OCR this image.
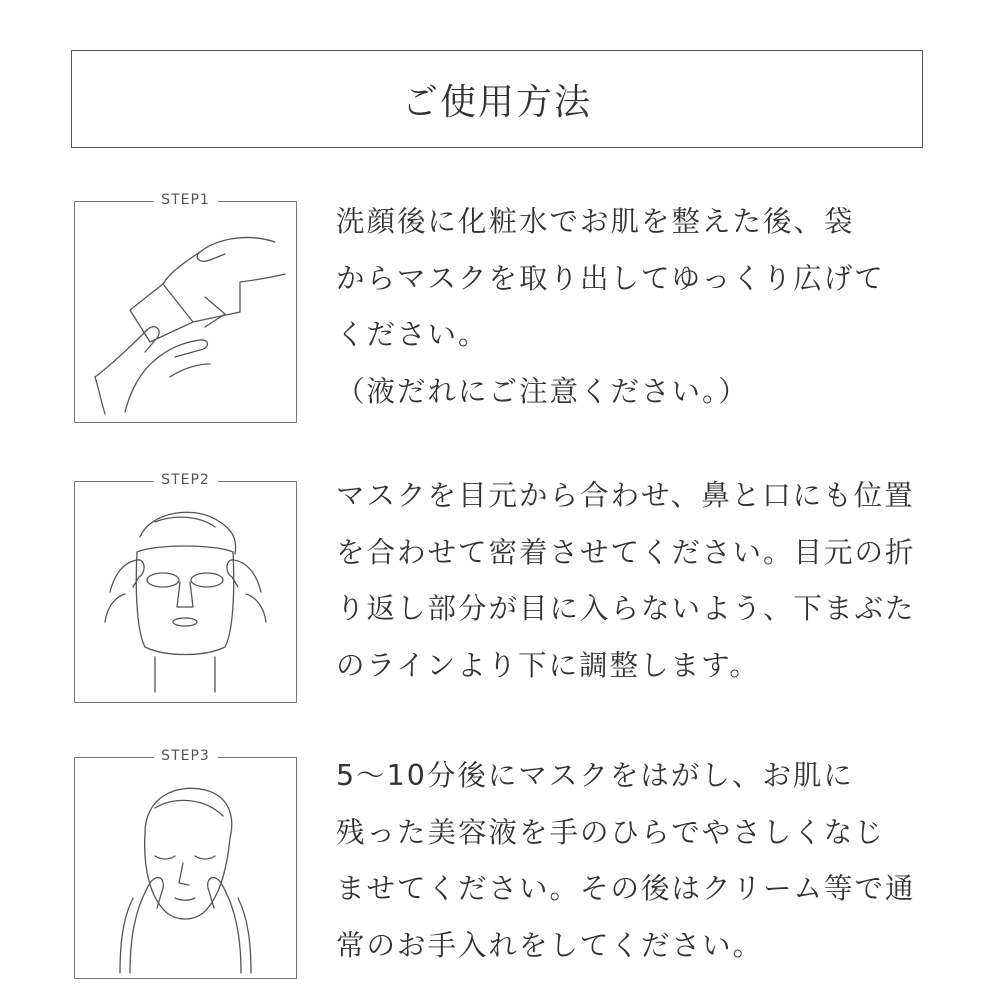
ご使用方法
STEP1
洗顔後に化粧水でお肌を整えた後、袋
からマスクを取り出してゆっくり広げて
ください。
（液だれにご注意ください。）
STEP2	マスクを目元から合わせ、鼻と口にも位置
を合わせて密着させてください。目元の折
り返し部分が目に入らないよう、下まぶた
のラインより下に調整します。
STEP3
5～10分後にマスクをはがし、お肌に
残った美容液を手のひらでやさしくなじ
ませてください。その後はクリーム等で通
常のお手入れをしてください。
